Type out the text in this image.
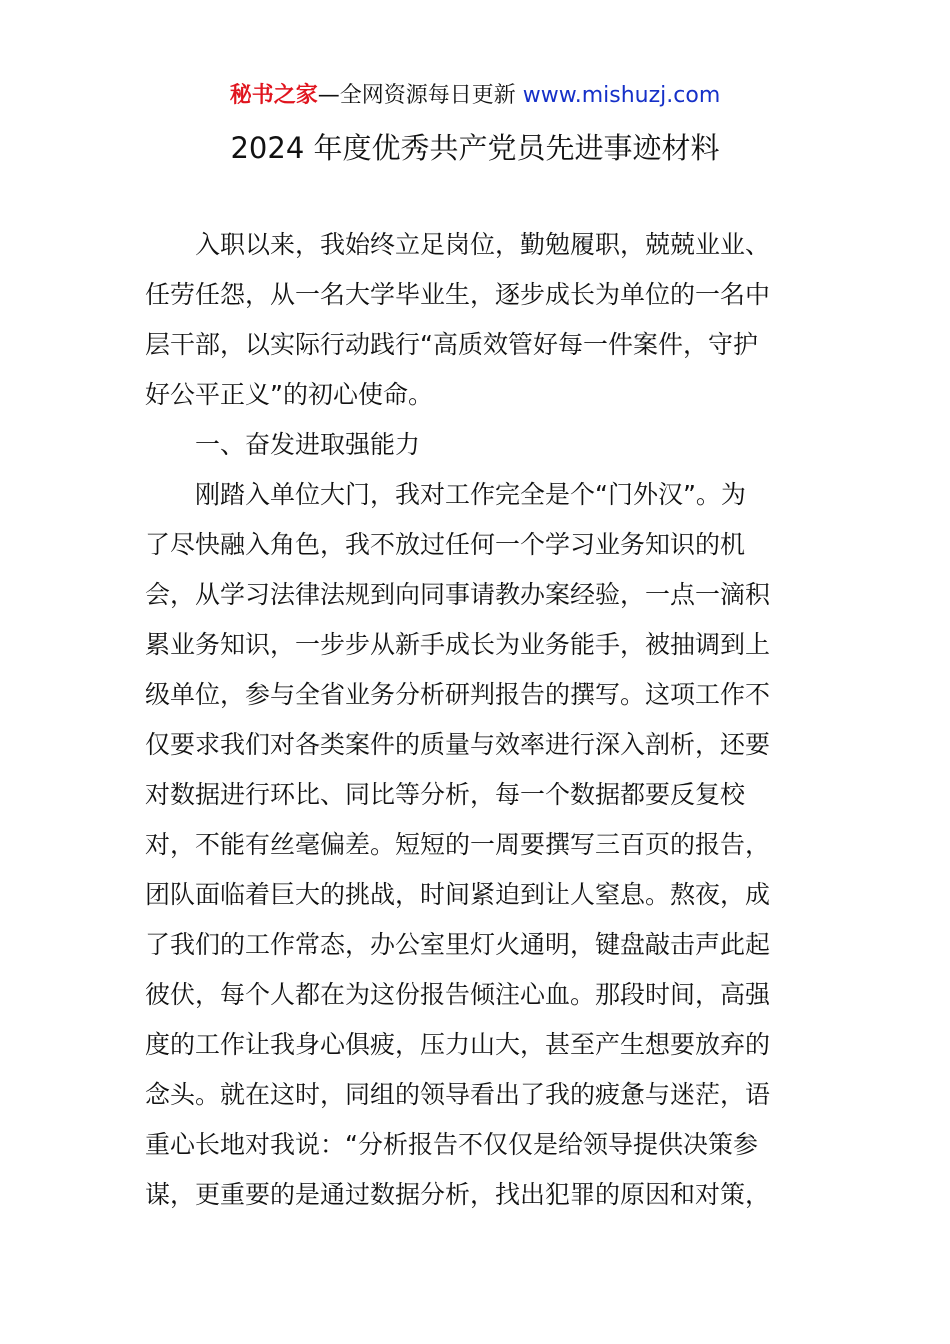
秘书之家—全网资源每日更新 www.mishuzj.com
2024 年度优秀共产党员先进事迹材料
　　入职以来，我始终立足岗位，勤勉履职，兢兢业业、
任劳任怨，从一名大学毕业生，逐步成长为单位的一名中
层干部，以实际行动践行“高质效管好每一件案件，守护
好公平正义”的初心使命。
　　一、奋发进取强能力
　　刚踏入单位大门，我对工作完全是个“门外汉”。为
了尽快融入角色，我不放过任何一个学习业务知识的机
会，从学习法律法规到向同事请教办案经验，一点一滴积
累业务知识，一步步从新手成长为业务能手，被抽调到上
级单位，参与全省业务分析研判报告的撰写。这项工作不
仅要求我们对各类案件的质量与效率进行深入剖析，还要
对数据进行环比、同比等分析，每一个数据都要反复校
对，不能有丝毫偏差。短短的一周要撰写三百页的报告，
团队面临着巨大的挑战，时间紧迫到让人窒息。熬夜，成
了我们的工作常态，办公室里灯火通明，键盘敲击声此起
彼伏，每个人都在为这份报告倾注心血。那段时间，高强
度的工作让我身心俱疲，压力山大，甚至产生想要放弃的
念头。就在这时，同组的领导看出了我的疲惫与迷茫，语
重心长地对我说：“分析报告不仅仅是给领导提供决策参
谋，更重要的是通过数据分析，找出犯罪的原因和对策，
